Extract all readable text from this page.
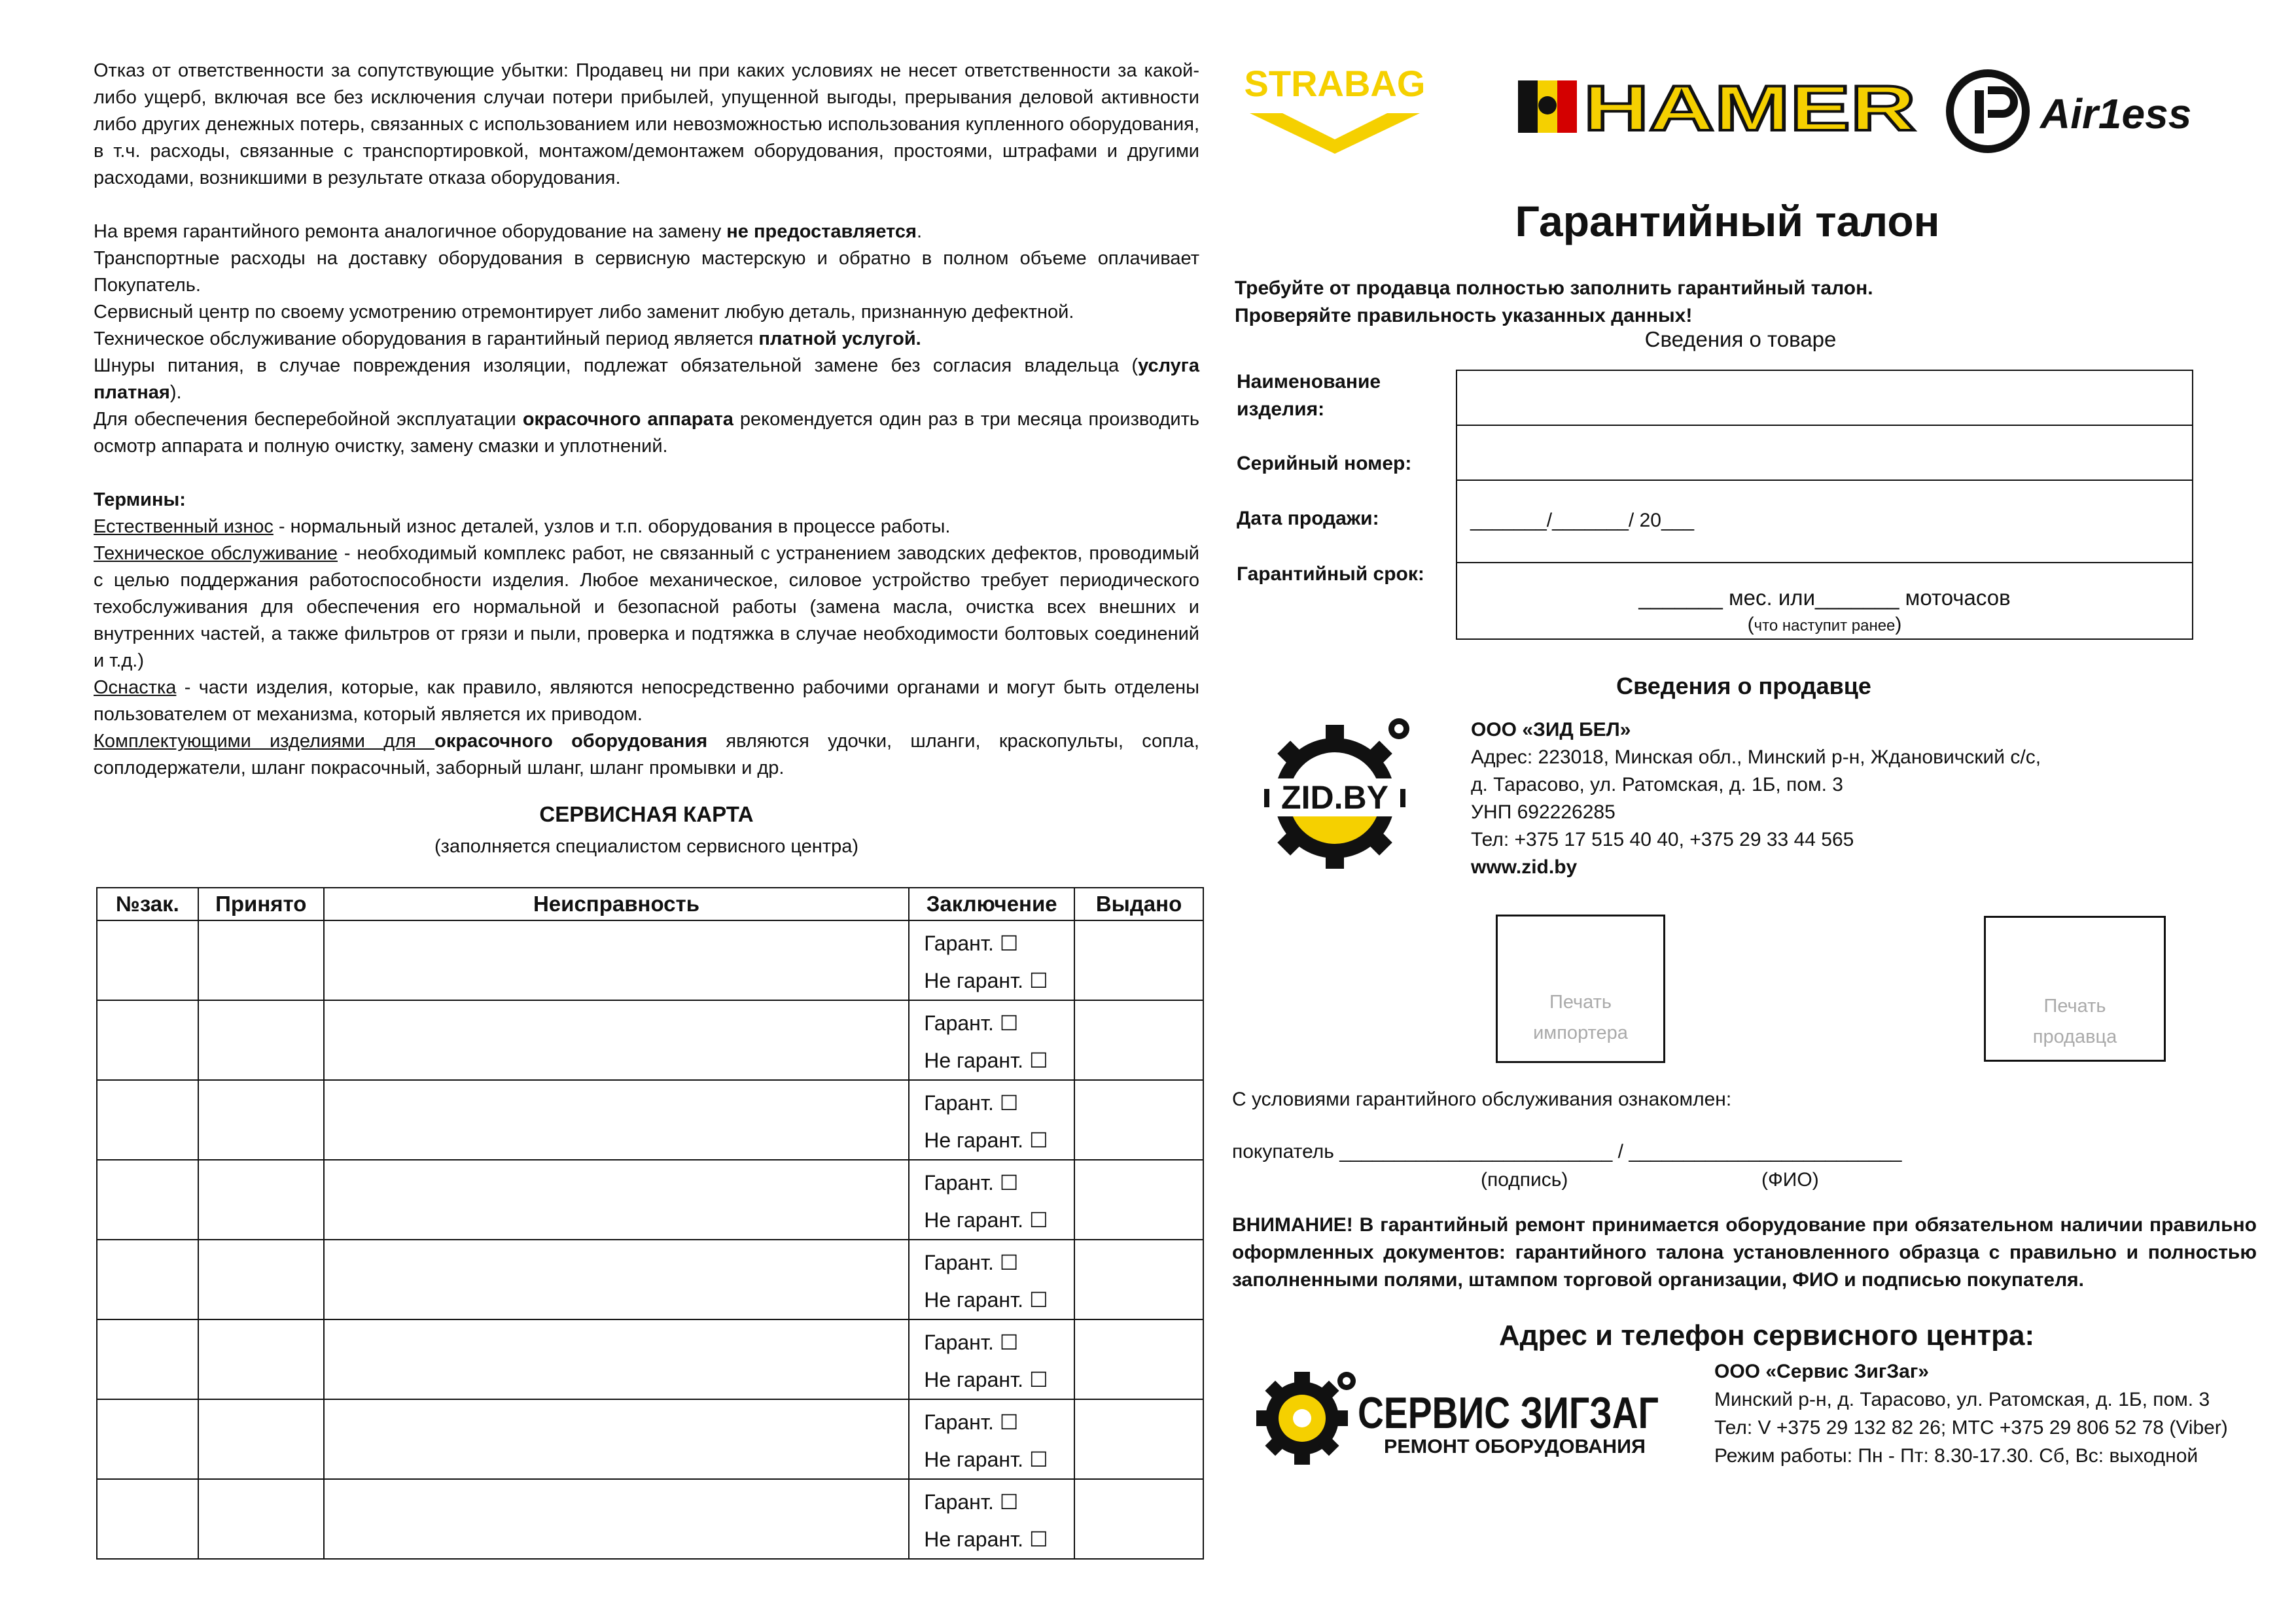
Отказ от ответственности за сопутствующие убытки: Продавец ни при каких условиях не несет ответственности за какой-либо ущерб, включая все без исключения случаи потери прибылей, упущенной выгоды, прерывания деловой активности либо других денежных потерь, связанных с использованием или невозможностью использования купленного оборудования, в т.ч. расходы, связанные с транспортировкой, монтажом/демонтажем оборудования, простоями, штрафами и другими расходами, возникшими в результате отказа оборудования.

На время гарантийного ремонта аналогичное оборудование на замену не предоставляется.

Транспортные расходы на доставку оборудования в сервисную мастерскую и обратно в полном объеме оплачивает Покупатель.

Сервисный центр по своему усмотрению отремонтирует либо заменит любую деталь, признанную дефектной.

Техническое обслуживание оборудования в гарантийный период является платной услугой.

Шнуры питания, в случае повреждения изоляции, подлежат обязательной замене без согласия владельца (услуга платная).

Для обеспечения бесперебойной эксплуатации окрасочного аппарата рекомендуется один раз в три месяца производить осмотр аппарата и полную очистку, замену смазки и уплотнений.

Термины:

Естественный износ - нормальный износ деталей, узлов и т.п. оборудования в процессе работы.

Техническое обслуживание - необходимый комплекс работ, не связанный с устранением заводских дефектов, проводимый с целью поддержания работоспособности изделия. Любое механическое, силовое устройство требует периодического техобслуживания для обеспечения его нормальной и безопасной работы (замена масла, очистка всех внешних и внутренних частей, а также фильтров от грязи и пыли, проверка и подтяжка в случае необходимости болтовых соединений и т.д.)

Оснастка - части изделия, которые, как правило, являются непосредственно рабочими органами и могут быть отделены пользователем от механизма, который является их приводом.

Комплектующими изделиями для окрасочного оборудования являются удочки, шланги, краскопульты, сопла, соплодержатели, шланг покрасочный, заборный шланг, шланг промывки и др.

СЕРВИСНАЯ КАРТА
(заполняется специалистом сервисного центра)
№зак.	Принято	Неисправность	Заключение	Выдано

			Гарант. ☐
Не гарант. ☐	

			Гарант. ☐
Не гарант. ☐	

			Гарант. ☐
Не гарант. ☐	

			Гарант. ☐
Не гарант. ☐	

			Гарант. ☐
Не гарант. ☐	

			Гарант. ☐
Не гарант. ☐	

			Гарант. ☐
Не гарант. ☐	

			Гарант. ☐
Не гарант. ☐	

STRABAG HAMER	Air1ess
Гарантийный талон
Требуйте от продавца полностью заполнить гарантийный талон.
Проверяйте правильность указанных данных!
Сведения о товаре
Наименование изделия:
Серийный номер:
Дата продажи:
Гарантийный срок:
_______/_______/ 20___
_______ мес. или_______ моточасов
(что наступит ранее)
Сведения о продавце
ZID.BY
ООО «ЗИД БЕЛ»
Адрес: 223018, Минская обл., Минский р-н, Ждановичский с/с,
д. Тарасово, ул. Ратомская, д. 1Б, пом. 3
УНП 692226285
Тел: +375 17 515 40 40, +375 29 33 44 565
www.zid.by
Печать
импортера
Печать
продавца
С условиями гарантийного обслуживания ознакомлен:
покупатель _________________________ / _________________________
(подпись)	(ФИО)
ВНИМАНИЕ! В гарантийный ремонт принимается оборудование при обязательном наличии правильно оформленных документов: гарантийного талона установленного образца с правильно и полностью заполненными полями, штампом торговой организации, ФИО и подписью покупателя.
Адрес и телефон сервисного центра:
СЕРВИС ЗИГЗАГ
РЕМОНТ ОБОРУДОВАНИЯ
ООО «Сервис ЗигЗаг»
Минский р-н, д. Тарасово, ул. Ратомская, д. 1Б, пом. 3
Тел: V +375 29 132 82 26; МТС +375 29 806 52 78 (Viber)
Режим работы: Пн - Пт: 8.30-17.30. Сб, Вс: выходной
